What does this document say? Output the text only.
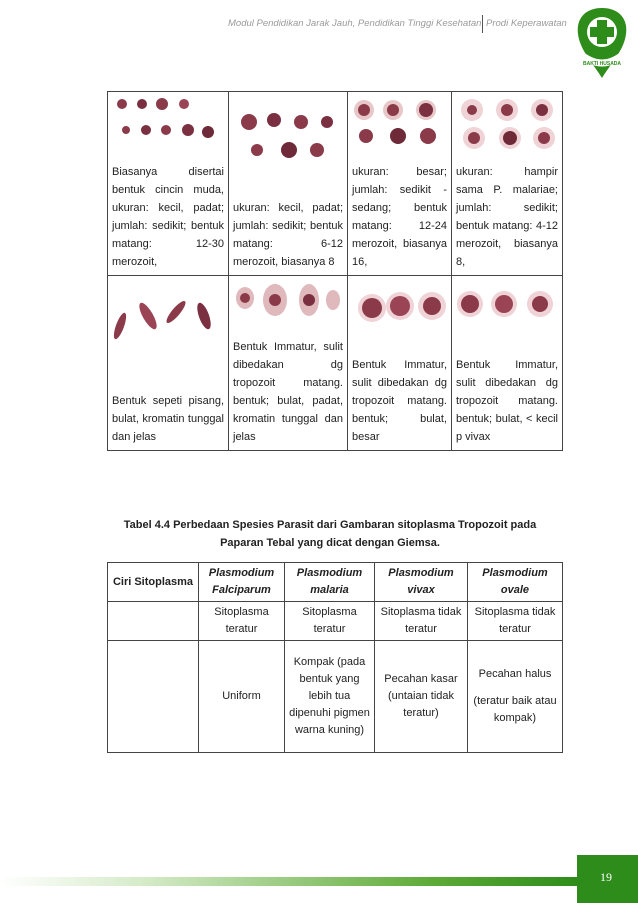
Modul Pendidikan Jarak Jauh, Pendidikan Tinggi Kesehatan Prodi Keperawatan
BAKTI HUSADA
Biasanya disertai bentuk cincin muda, ukuran: kecil, padat; jumlah: sedikit; bentuk matang: 12-30 merozoit,	ukuran: kecil, padat; jumlah: sedikit; bentuk matang: 6-12 merozoit, biasanya 8	ukuran: besar; jumlah: sedikit - sedang; bentuk matang: 12-24 merozoit, biasanya 16,	ukuran: hampir sama P. malariae; jumlah: sedikit; bentuk matang: 4-12 merozoit, biasanya 8,

Bentuk sepeti pisang, bulat, kromatin tunggal dan jelas	Bentuk Immatur, sulit dibedakan dg tropozoit matang. bentuk; bulat, padat, kromatin tunggal dan jelas	Bentuk Immatur, sulit dibedakan dg tropozoit matang. bentuk; bulat, besar	Bentuk Immatur, sulit dibedakan dg tropozoit matang. bentuk; bulat, < kecil p vivax
Tabel 4.4 Perbedaan Spesies Parasit dari Gambaran sitoplasma Tropozoit pada
Paparan Tebal yang dicat dengan Giemsa.
Ciri Sitoplasma	Plasmodium Falciparum	Plasmodium malaria	Plasmodium vivax	Plasmodium ovale
	Sitoplasma teratur	Sitoplasma teratur	Sitoplasma tidak teratur	Sitoplasma tidak teratur
	Uniform	Kompak (pada bentuk yang lebih tua dipenuhi pigmen warna kuning)	Pecahan kasar (untaian tidak teratur)	Pecahan halus
(teratur baik atau kompak)
19
